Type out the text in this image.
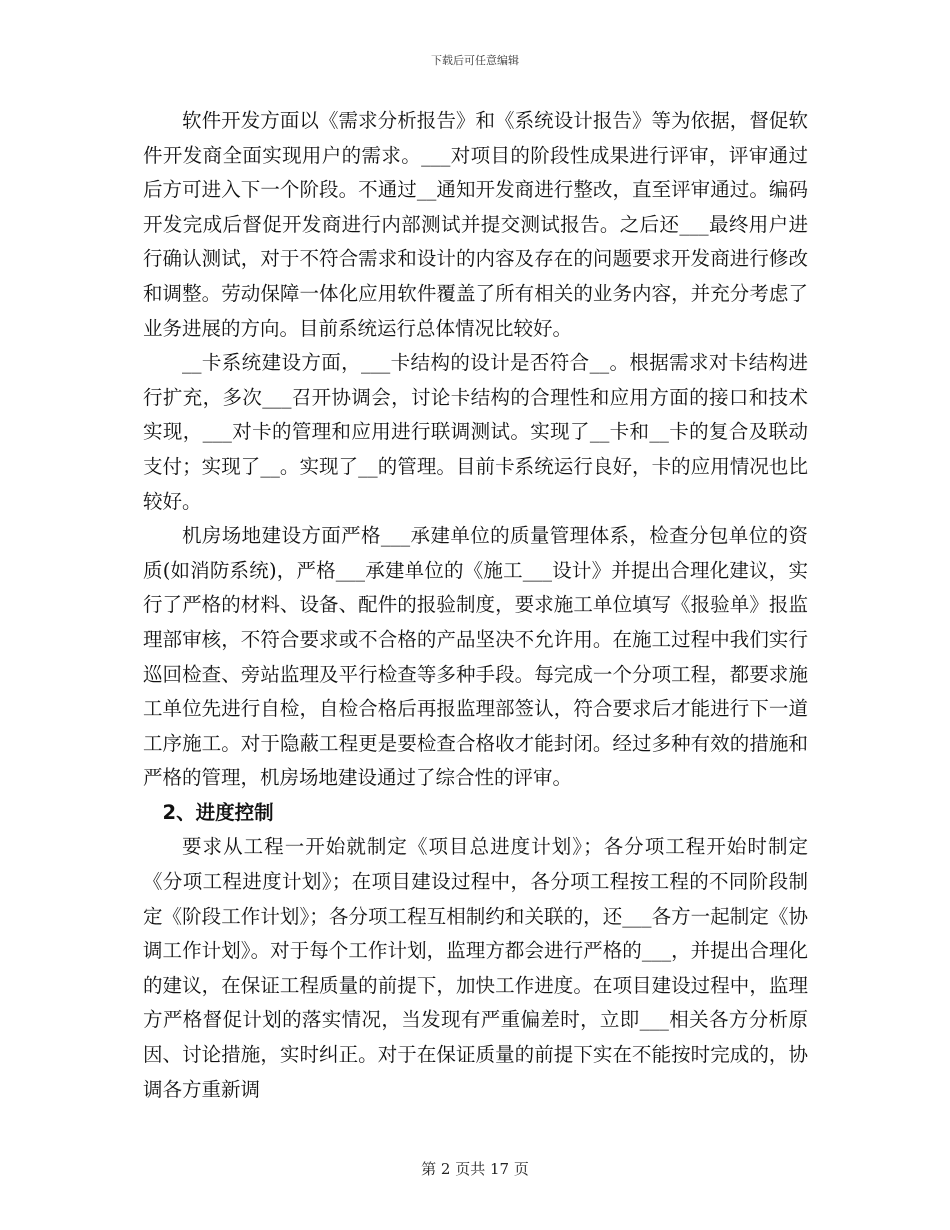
下载后可任意编辑

软件开发方面以《需求分析报告》和《系统设计报告》等为依据，督促软件开发商全面实现用户的需求。___对项目的阶段性成果进行评审，评审通过后方可进入下一个阶段。不通过__通知开发商进行整改，直至评审通过。编码开发完成后督促开发商进行内部测试并提交测试报告。之后还___最终用户进行确认测试，对于不符合需求和设计的内容及存在的问题要求开发商进行修改和调整。劳动保障一体化应用软件覆盖了所有相关的业务内容，并充分考虑了业务进展的方向。目前系统运行总体情况比较好。

__卡系统建设方面，___卡结构的设计是否符合__。根据需求对卡结构进行扩充，多次___召开协调会，讨论卡结构的合理性和应用方面的接口和技术实现，___对卡的管理和应用进行联调测试。实现了__卡和__卡的复合及联动支付；实现了__。实现了__的管理。目前卡系统运行良好，卡的应用情况也比较好。

机房场地建设方面严格___承建单位的质量管理体系，检查分包单位的资质(如消防系统)，严格___承建单位的《施工___设计》并提出合理化建议，实行了严格的材料、设备、配件的报验制度，要求施工单位填写《报验单》报监理部审核，不符合要求或不合格的产品坚决不允许用。在施工过程中我们实行巡回检查、旁站监理及平行检查等多种手段。每完成一个分项工程，都要求施工单位先进行自检，自检合格后再报监理部签认，符合要求后才能进行下一道工序施工。对于隐蔽工程更是要检查合格收才能封闭。经过多种有效的措施和严格的管理，机房场地建设通过了综合性的评审。

2、进度控制

要求从工程一开始就制定《项目总进度计划》；各分项工程开始时制定《分项工程进度计划》；在项目建设过程中，各分项工程按工程的不同阶段制定《阶段工作计划》；各分项工程互相制约和关联的，还___各方一起制定《协调工作计划》。对于每个工作计划，监理方都会进行严格的___，并提出合理化的建议，在保证工程质量的前提下，加快工作进度。在项目建设过程中，监理方严格督促计划的落实情况，当发现有严重偏差时，立即___相关各方分析原因、讨论措施，实时纠正。对于在保证质量的前提下实在不能按时完成的，协调各方重新调

第 2 页共 17 页
